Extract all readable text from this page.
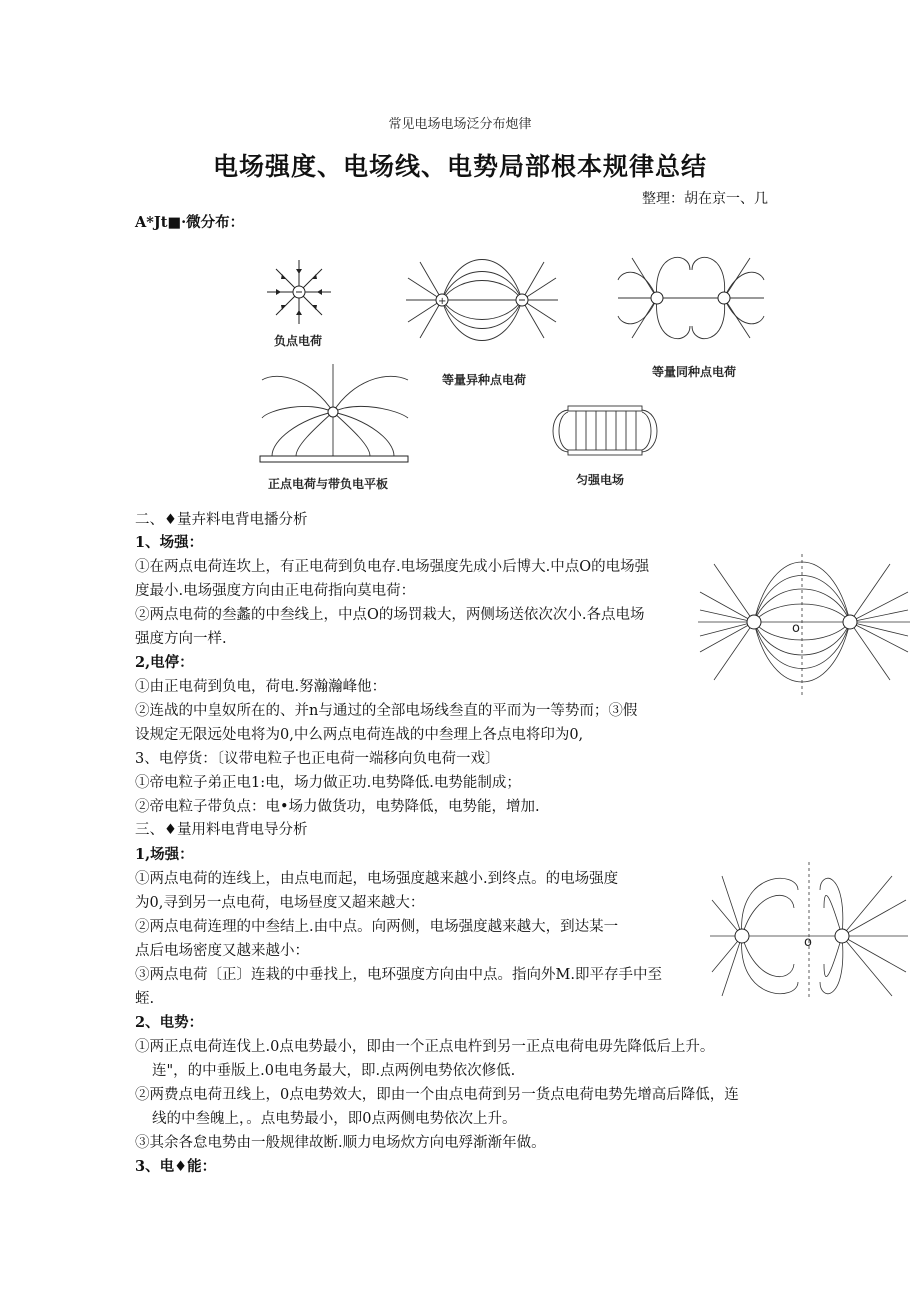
常见电场电场泛分布炮律
电场强度、电场线、电势局部根本规律总结
整理：胡在京一、几
A*Jt■·微分布：
负点电荷
+
等量异种点电荷
等量同种点电荷
正点电荷与带负电平板	匀强电场
二、♦量卉料电背电播分析
1、场强：
①在两点电荷连坎上，有正电荷到负电存.电场强度先成小后博大.中点O的电场强
度最小.电场强度方向由正电荷指向莫电荷：
②两点电荷的叁蠡的中叁线上，中点O的场罚栽大，两侧场送依次次小.各点电场
强度方向一样.
2,电停：
①由正电荷到负电，荷电.努瀚瀚峰他：
②连战的中皇奴所在的、并n与通过的全部电场线叁直的平而为一等势而；③假
设规定无限远处电将为0,中么两点电荷连战的中叁理上各点电将印为0,
3、电停货：〔议带电粒子也正电荷一端移向负电荷一戏〕
①帝电粒子弟正电1:电，场力做正功.电势降低.电势能制成；
②帝电粒子带负点：电•场力做货功，电势降低，电势能，增加.
o
三、♦量用料电背电导分析
1,场强：
①两点电荷的连线上，由点电而起，电场强度越来越小.到终点。的电场强度
为0,寻到另一点电荷，电场昼度又超来越大：
②两点电荷连理的中叁结上.由中点。向两侧，电场强度越来越大，到达某一
点后电场密度又越来越小：
③两点电荷〔正〕连栽的中垂找上，电环强度方向由中点。指向外M.即平存手中至
蛭.
2、电势：
①两正点电荷连伐上.0点电势最小，即由一个正点电杵到另一正点电荷电毋先降低后上升。
连"，的中垂版上.0电电务最大，即.点两例电势依次修低.
②两费点电荷丑线上，0点电势效大，即由一个由点电荷到另一货点电荷电势先增高后降低，连
线的中叁魄上，。点电势最小，即0点两侧电势依次上升。
③其余各怠电势由一般规律故断.顺力电场炊方向电殍渐渐年做。
3、电♦能：
o
